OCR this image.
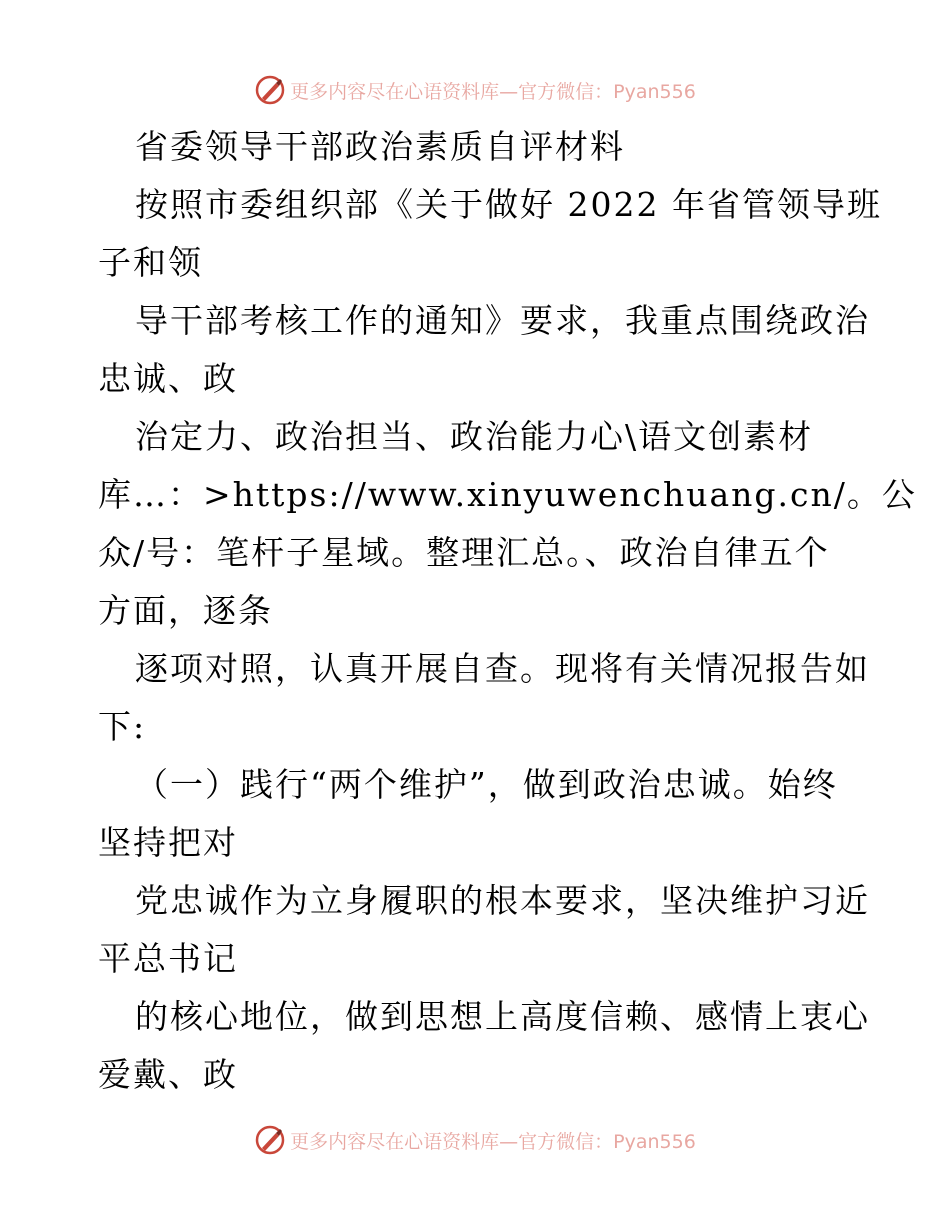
更多内容尽在心语资料库—官方微信：Pyan556
省委领导干部政治素质自评材料
按照市委组织部《关于做好 2022 年省管领导班
子和领
导干部考核工作的通知》要求，我重点围绕政治
忠诚、政
治定力、政治担当、政治能力心\语文创素材
库…：>https://www.xinyuwenchuang.cn/。公
众/号：笔杆子星域。整理汇总。、政治自律五个
方面，逐条
逐项对照，认真开展自查。现将有关情况报告如
下:
（一）践行“两个维护”，做到政治忠诚。始终
坚持把对
党忠诚作为立身履职的根本要求，坚决维护习近
平总书记
的核心地位，做到思想上高度信赖、感情上衷心
爱戴、政
更多内容尽在心语资料库—官方微信：Pyan556
